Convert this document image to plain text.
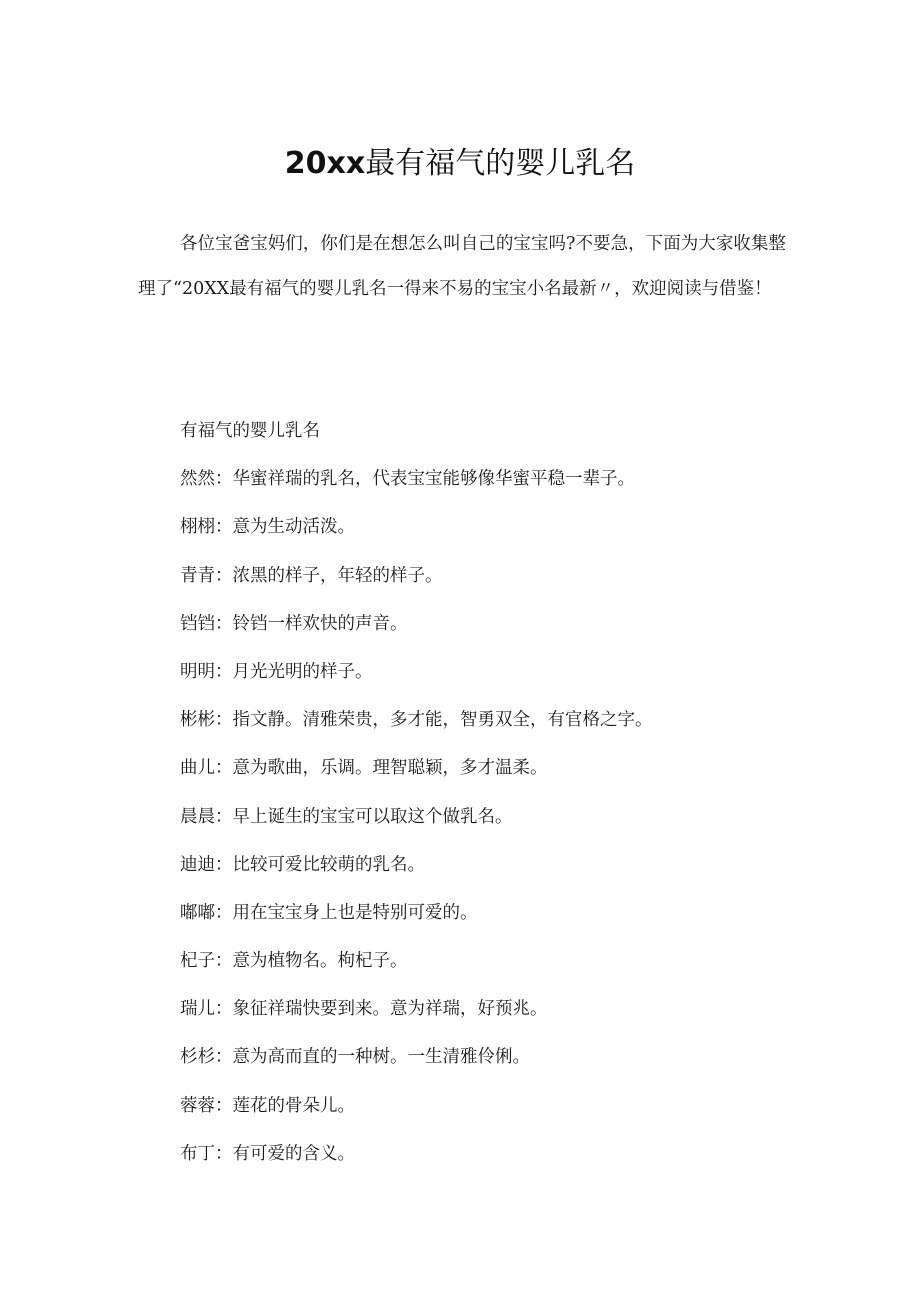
20xx最有福气的婴儿乳名

各位宝爸宝妈们，你们是在想怎么叫自己的宝宝吗?不要急，下面为大家收集整理了“20XX最有福气的婴儿乳名一得来不易的宝宝小名最新〃，欢迎阅读与借鉴！

有福气的婴儿乳名
然然：华蜜祥瑞的乳名，代表宝宝能够像华蜜平稳一辈子。
栩栩：意为生动活泼。
青青：浓黑的样子，年轻的样子。
铛铛：铃铛一样欢快的声音。
明明：月光光明的样子。
彬彬：指文静。清雅荣贵，多才能，智勇双全，有官格之字。
曲儿：意为歌曲，乐调。理智聪颖，多才温柔。
晨晨：早上诞生的宝宝可以取这个做乳名。
迪迪：比较可爱比较萌的乳名。
嘟嘟：用在宝宝身上也是特别可爱的。
杞子：意为植物名。枸杞子。
瑞儿：象征祥瑞快要到来。意为祥瑞，好预兆。
杉杉：意为高而直的一种树。一生清雅伶俐。
蓉蓉：莲花的骨朵儿。
布丁：有可爱的含义。
